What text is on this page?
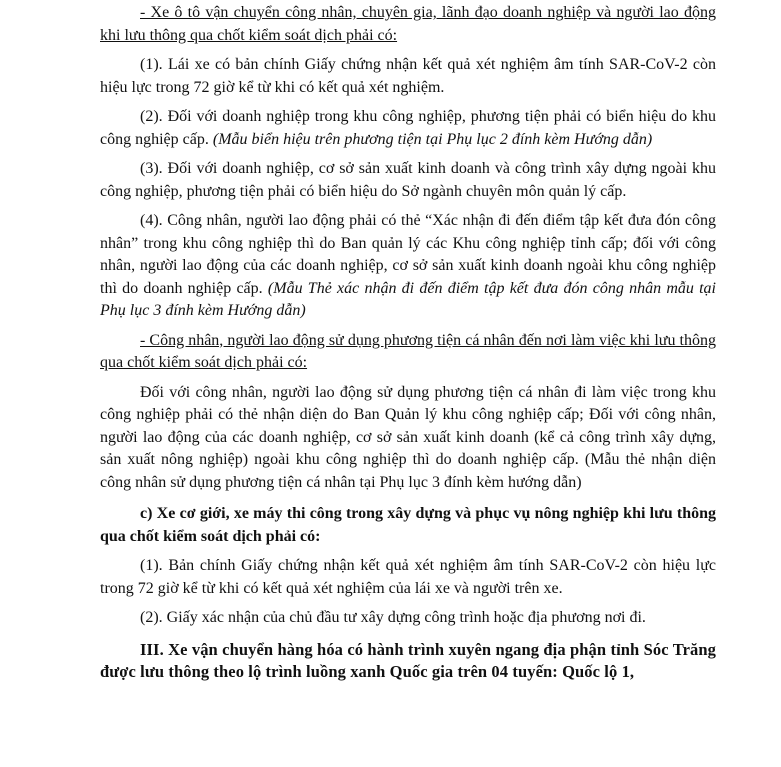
- Xe ô tô vận chuyển công nhân, chuyên gia, lãnh đạo doanh nghiệp và người lao động khi lưu thông qua chốt kiểm soát dịch phải có:

(1). Lái xe có bản chính Giấy chứng nhận kết quả xét nghiệm âm tính SAR-CoV-2 còn hiệu lực trong 72 giờ kể từ khi có kết quả xét nghiệm.

(2). Đối với doanh nghiệp trong khu công nghiệp, phương tiện phải có biển hiệu do khu công nghiệp cấp. (Mẫu biển hiệu trên phương tiện tại Phụ lục 2 đính kèm Hướng dẫn)

(3). Đối với doanh nghiệp, cơ sở sản xuất kinh doanh và công trình xây dựng ngoài khu công nghiệp, phương tiện phải có biển hiệu do Sở ngành chuyên môn quản lý cấp.

(4). Công nhân, người lao động phải có thẻ “Xác nhận đi đến điểm tập kết đưa đón công nhân” trong khu công nghiệp thì do Ban quản lý các Khu công nghiệp tỉnh cấp; đối với công nhân, người lao động của các doanh nghiệp, cơ sở sản xuất kinh doanh ngoài khu công nghiệp thì do doanh nghiệp cấp. (Mẫu Thẻ xác nhận đi đến điểm tập kết đưa đón công nhân mẫu tại Phụ lục 3 đính kèm Hướng dẫn)

- Công nhân, người lao động sử dụng phương tiện cá nhân đến nơi làm việc khi lưu thông qua chốt kiểm soát dịch phải có:

Đối với công nhân, người lao động sử dụng phương tiện cá nhân đi làm việc trong khu công nghiệp phải có thẻ nhận diện do Ban Quản lý khu công nghiệp cấp; Đối với công nhân, người lao động của các doanh nghiệp, cơ sở sản xuất kinh doanh (kể cả công trình xây dựng, sản xuất nông nghiệp) ngoài khu công nghiệp thì do doanh nghiệp cấp. (Mẫu thẻ nhận diện công nhân sử dụng phương tiện cá nhân tại Phụ lục 3 đính kèm hướng dẫn)

c) Xe cơ giới, xe máy thi công trong xây dựng và phục vụ nông nghiệp khi lưu thông qua chốt kiểm soát dịch phải có:

(1). Bản chính Giấy chứng nhận kết quả xét nghiệm âm tính SAR-CoV-2 còn hiệu lực trong 72 giờ kể từ khi có kết quả xét nghiệm của lái xe và người trên xe.

(2). Giấy xác nhận của chủ đầu tư xây dựng công trình hoặc địa phương nơi đi.

III. Xe vận chuyển hàng hóa có hành trình xuyên ngang địa phận tỉnh Sóc Trăng được lưu thông theo lộ trình luồng xanh Quốc gia trên 04 tuyến: Quốc lộ 1,
